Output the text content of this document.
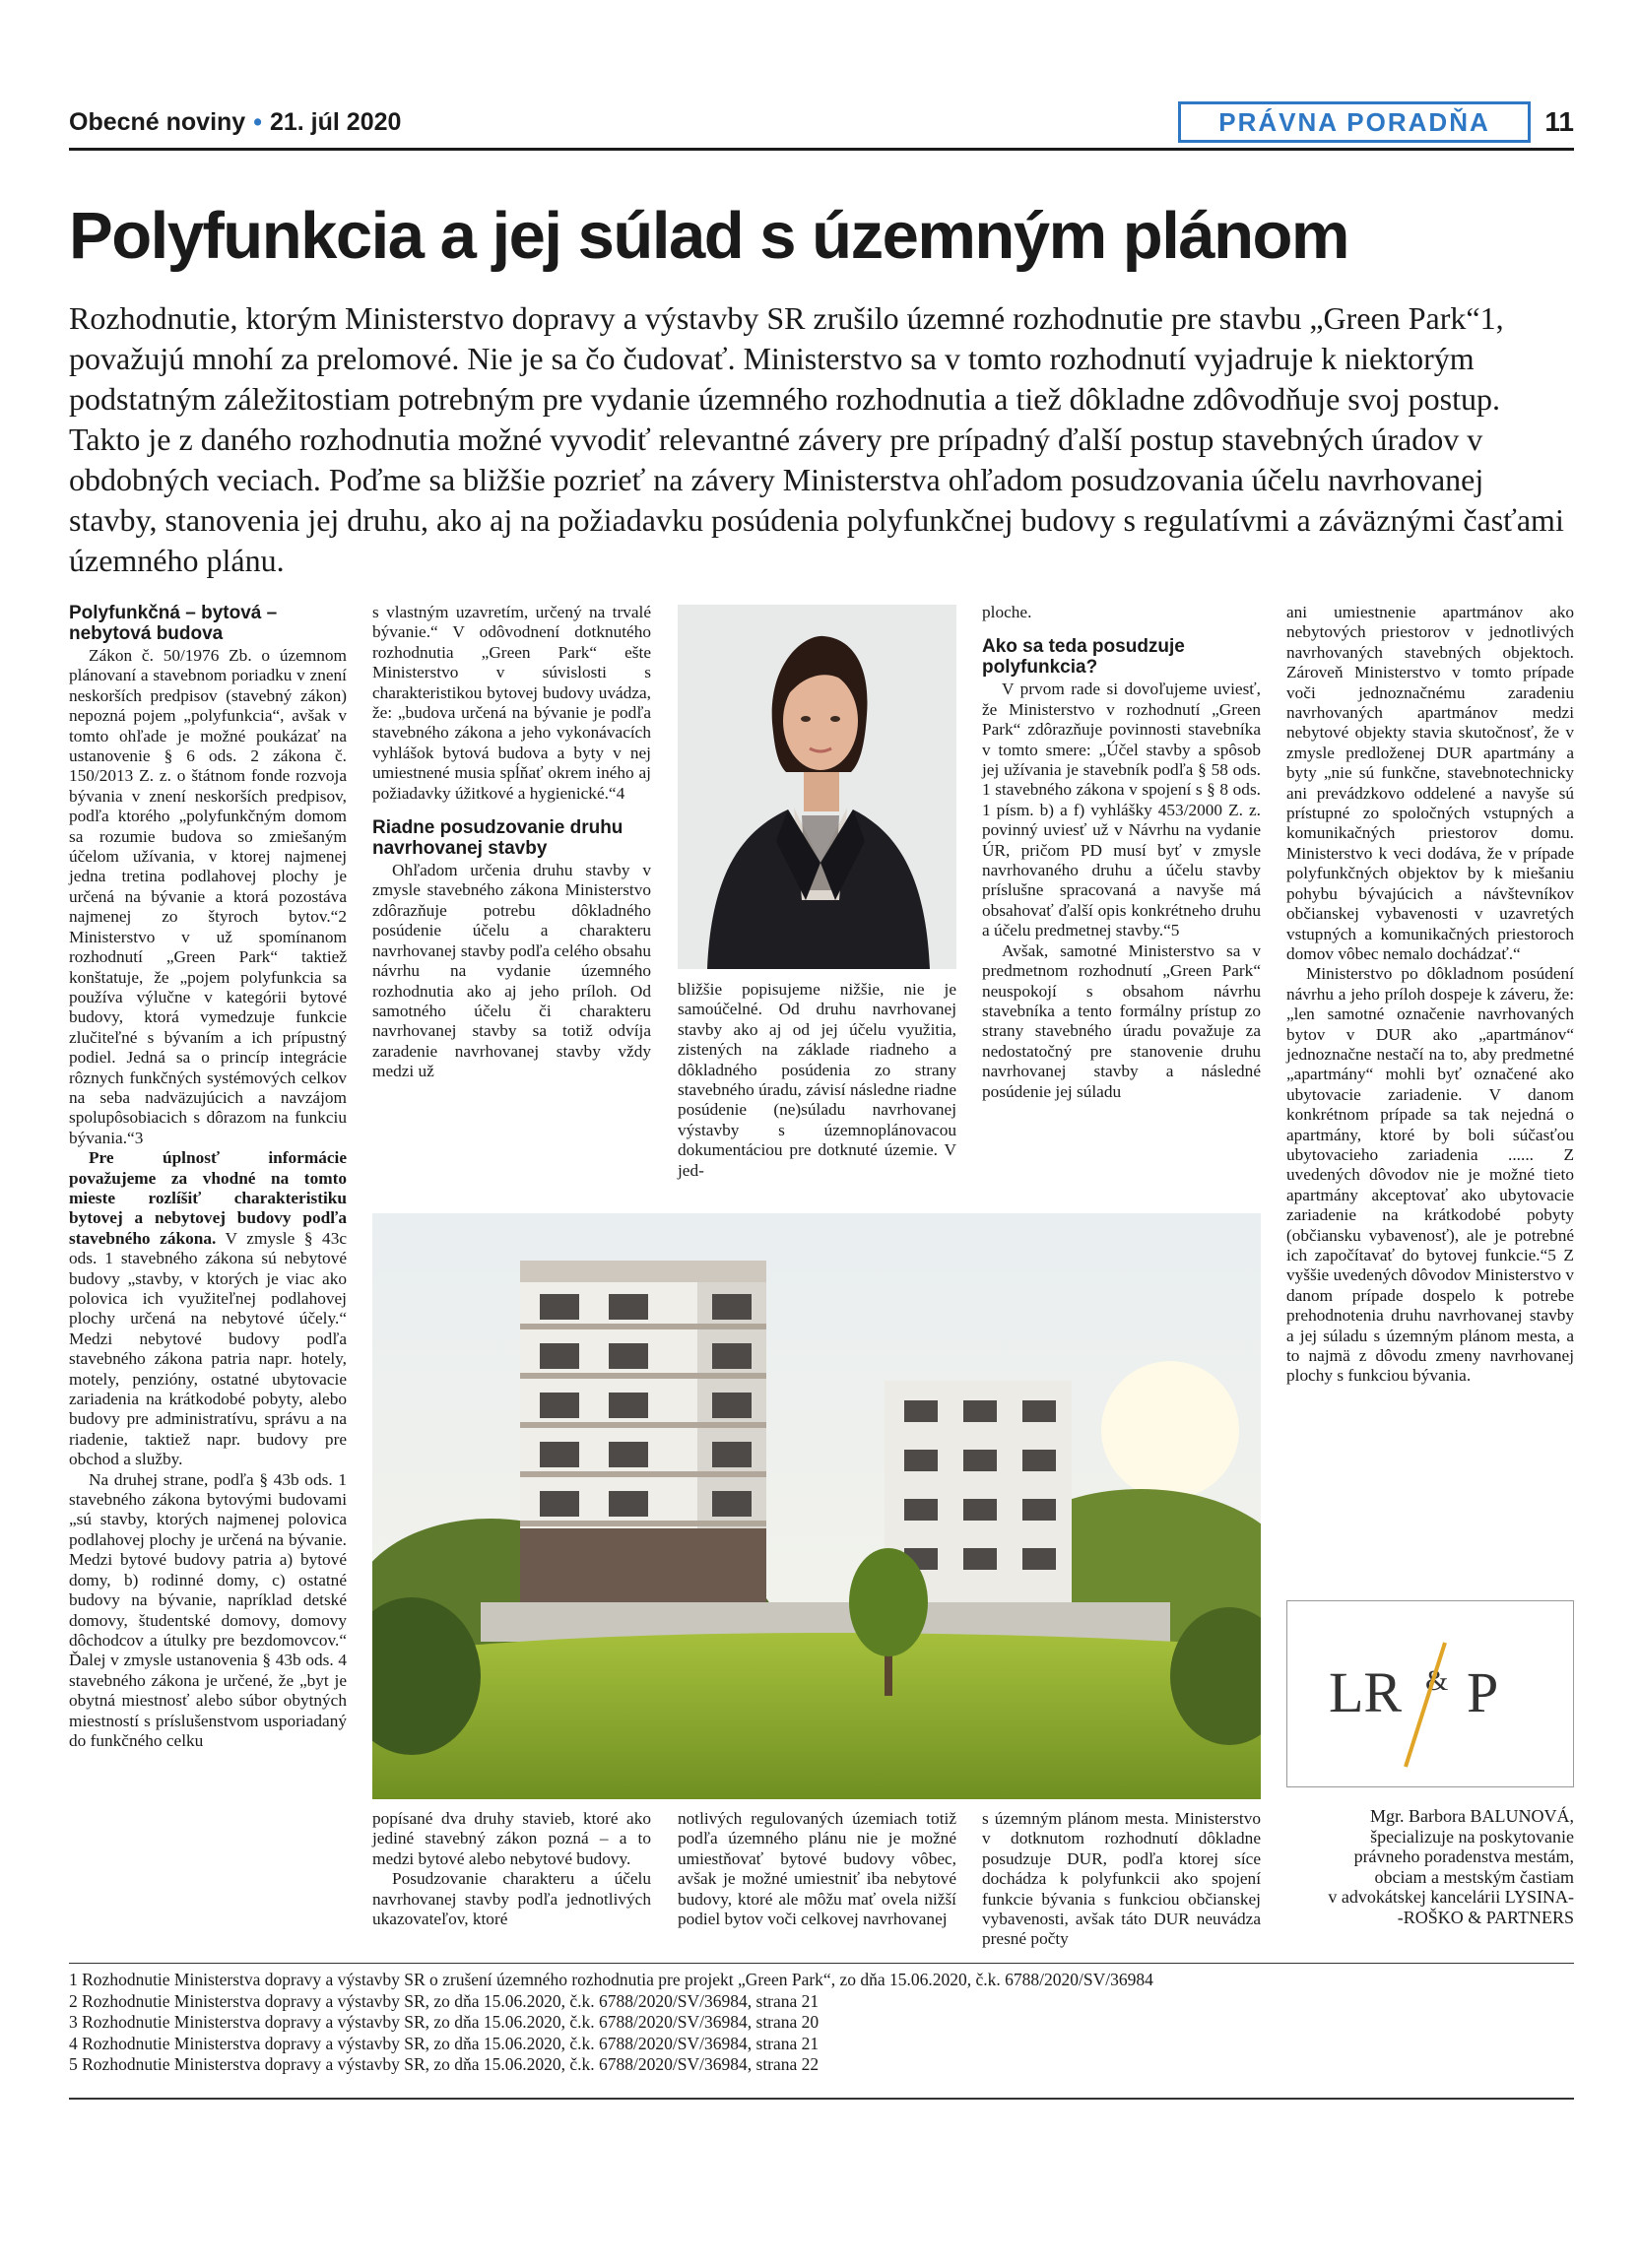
Obecné noviny • 21. júl 2020	PRÁVNA PORADŇA	11
Polyfunkcia a jej súlad s územným plánom
Rozhodnutie, ktorým Ministerstvo dopravy a výstavby SR zrušilo územné rozhodnutie pre stavbu „Green Park“1, považujú mnohí za prelomové. Nie je sa čo čudovať. Ministerstvo sa v tomto rozhodnutí vyjadruje k niektorým podstatným záležitostiam potrebným pre vydanie územného rozhodnutia a tiež dôkladne zdôvodňuje svoj postup. Takto je z daného rozhodnutia možné vyvodiť relevantné závery pre prípadný ďalší postup stavebných úradov v obdobných veciach. Poďme sa bližšie pozrieť na závery Ministerstva ohľadom posudzovania účelu navrhovanej stavby, stanovenia jej druhu, ako aj na požiadavku posúdenia polyfunkčnej budovy s regulatívmi a záväznými časťami územného plánu.
Polyfunkčná – bytová – nebytová budova

Zákon č. 50/1976 Zb. o územnom plánovaní a stavebnom poriadku v znení neskorších predpisov (stavebný zákon) nepozná pojem „polyfunkcia“, avšak v tomto ohľade je možné poukázať na ustanovenie § 6 ods. 2 zákona č. 150/2013 Z. z. o štátnom fonde rozvoja bývania v znení neskorších predpisov, podľa ktorého „polyfunkčným domom sa rozumie budova so zmiešaným účelom užívania, v ktorej najmenej jedna tretina podlahovej plochy je určená na bývanie a ktorá pozostáva najmenej zo štyroch bytov.“2 Ministerstvo v už spomínanom rozhodnutí „Green Park“ taktiež konštatuje, že „pojem polyfunkcia sa používa výlučne v kategórii bytové budovy, ktorá vymedzuje funkcie zlučiteľné s bývaním a ich prípustný podiel. Jedná sa o princíp integrácie rôznych funkčných systémových celkov na seba nadväzujúcich a navzájom spolupôsobiacich s dôrazom na funkciu bývania.“3

Pre úplnosť informácie považujeme za vhodné na tomto mieste rozlíšiť charakteristiku bytovej a nebytovej budovy podľa stavebného zákona. V zmysle § 43c ods. 1 stavebného zákona sú nebytové budovy „stavby, v ktorých je viac ako polovica ich využiteľnej podlahovej plochy určená na nebytové účely.“ Medzi nebytové budovy podľa stavebného zákona patria napr. hotely, motely, penzióny, ostatné ubytovacie zariadenia na krátkodobé pobyty, alebo budovy pre administratívu, správu a na riadenie, taktiež napr. budovy pre obchod a služby.

Na druhej strane, podľa § 43b ods. 1 stavebného zákona bytovými budovami „sú stavby, ktorých najmenej polovica podlahovej plochy je určená na bývanie. Medzi bytové budovy patria a) bytové domy, b) rodinné domy, c) ostatné budovy na bývanie, napríklad detské domovy, študentské domovy, domovy dôchodcov a útulky pre bezdomovcov.“ Ďalej v zmysle ustanovenia § 43b ods. 4 stavebného zákona je určené, že „byt je obytná miestnosť alebo súbor obytných miestností s príslušenstvom usporiadaný do funkčného celku

s vlastným uzavretím, určený na trvalé bývanie.“ V odôvodnení dotknutého rozhodnutia „Green Park“ ešte Ministerstvo v súvislosti s charakteristikou bytovej budovy uvádza, že: „budova určená na bývanie je podľa stavebného zákona a jeho vykonávacích vyhlášok bytová budova a byty v nej umiestnené musia spĺňať okrem iného aj požiadavky úžitkové a hygienické.“4

Riadne posudzovanie druhu navrhovanej stavby

Ohľadom určenia druhu stavby v zmysle stavebného zákona Ministerstvo zdôrazňuje potrebu dôkladného posúdenie účelu a charakteru navrhovanej stavby podľa celého obsahu návrhu na vydanie územného rozhodnutia ako aj jeho príloh. Od samotného účelu či charakteru navrhovanej stavby sa totiž odvíja zaradenie navrhovanej stavby vždy medzi už

bližšie popisujeme nižšie, nie je samoúčelné. Od druhu navrhovanej stavby ako aj od jej účelu využitia, zistených na základe riadneho a dôkladného posúdenia zo strany stavebného úradu, závisí následne riadne posúdenie (ne)súladu navrhovanej výstavby s územnoplánovacou dokumentáciou pre dotknuté územie. V jed-

ploche.

Ako sa teda posudzuje polyfunkcia?

V prvom rade si dovoľujeme uviesť, že Ministerstvo v rozhodnutí „Green Park“ zdôrazňuje povinnosti stavebníka v tomto smere: „Účel stavby a spôsob jej užívania je stavebník podľa § 58 ods. 1 stavebného zákona v spojení s § 8 ods. 1 písm. b) a f) vyhlášky 453/2000 Z. z. povinný uviesť už v Návrhu na vydanie ÚR, pričom PD musí byť v zmysle navrhovaného druhu a účelu stavby príslušne spracovaná a navyše má obsahovať ďalší opis konkrétneho druhu a účelu predmetnej stavby.“5

Avšak, samotné Ministerstvo sa v predmetnom rozhodnutí „Green Park“ neuspokojí s obsahom návrhu stavebníka a tento formálny prístup zo strany stavebného úradu považuje za nedostatočný pre stanovenie druhu navrhovanej stavby a následné posúdenie jej súladu

ani umiestnenie apartmánov ako nebytových priestorov v jednotlivých navrhovaných stavebných objektoch. Zároveň Ministerstvo v tomto prípade voči jednoznačnému zaradeniu navrhovaných apartmánov medzi nebytové objekty stavia skutočnosť, že v zmysle predloženej DUR apartmány a byty „nie sú funkčne, stavebnotechnicky ani prevádzkovo oddelené a navyše sú prístupné zo spoločných vstupných a komunikačných priestorov domu. Ministerstvo k veci dodáva, že v prípade polyfunkčných objektov by k miešaniu pohybu bývajúcich a návštevníkov občianskej vybavenosti v uzavretých vstupných a komunikačných priestoroch domov vôbec nemalo dochádzať.“

Ministerstvo po dôkladnom posúdení návrhu a jeho príloh dospeje k záveru, že: „len samotné označenie navrhovaných bytov v DUR ako „apartmánov“ jednoznačne nestačí na to, aby predmetné „apartmány“ mohli byť označené ako ubytovacie zariadenie. V danom konkrétnom prípade sa tak nejedná o apartmány, ktoré by boli súčasťou ubytovacieho zariadenia ...... Z uvedených dôvodov nie je možné tieto apartmány akceptovať ako ubytovacie zariadenie na krátkodobé pobyty (občiansku vybavenosť), ale je potrebné ich započítavať do bytovej funkcie.“5 Z vyššie uvedených dôvodov Ministerstvo v danom prípade dospelo k potrebe prehodnotenia druhu navrhovanej stavby a jej súladu s územným plánom mesta, a to najmä z dôvodu zmeny navrhovanej plochy s funkciou bývania.

popísané dva druhy stavieb, ktoré ako jediné stavebný zákon pozná – a to medzi bytové alebo nebytové budovy.

Posudzovanie charakteru a účelu navrhovanej stavby podľa jednotlivých ukazovateľov, ktoré

notlivých regulovaných územiach totiž podľa územného plánu nie je možné umiestňovať bytové budovy vôbec, avšak je možné umiestniť iba nebytové budovy, ktoré ale môžu mať ovela nižší podiel bytov voči celkovej navrhovanej

s územným plánom mesta. Ministerstvo v dotknutom rozhodnutí dôkladne posudzuje DUR, podľa ktorej síce dochádza k polyfunkcii ako spojení funkcie bývania s funkciou občianskej vybavenosti, avšak táto DUR neuvádza presné počty

LR & P
Mgr. Barbora BALUNOVÁ,
špecializuje na poskytovanie
právneho poradenstva mestám,
obciam a mestským častiam
v advokátskej kancelárii LYSINA-
-ROŠKO & PARTNERS
1 Rozhodnutie Ministerstva dopravy a výstavby SR o zrušení územného rozhodnutia pre projekt „Green Park“, zo dňa 15.06.2020, č.k. 6788/2020/SV/36984
2 Rozhodnutie Ministerstva dopravy a výstavby SR, zo dňa 15.06.2020, č.k. 6788/2020/SV/36984, strana 21
3 Rozhodnutie Ministerstva dopravy a výstavby SR, zo dňa 15.06.2020, č.k. 6788/2020/SV/36984, strana 20
4 Rozhodnutie Ministerstva dopravy a výstavby SR, zo dňa 15.06.2020, č.k. 6788/2020/SV/36984, strana 21
5 Rozhodnutie Ministerstva dopravy a výstavby SR, zo dňa 15.06.2020, č.k. 6788/2020/SV/36984, strana 22
